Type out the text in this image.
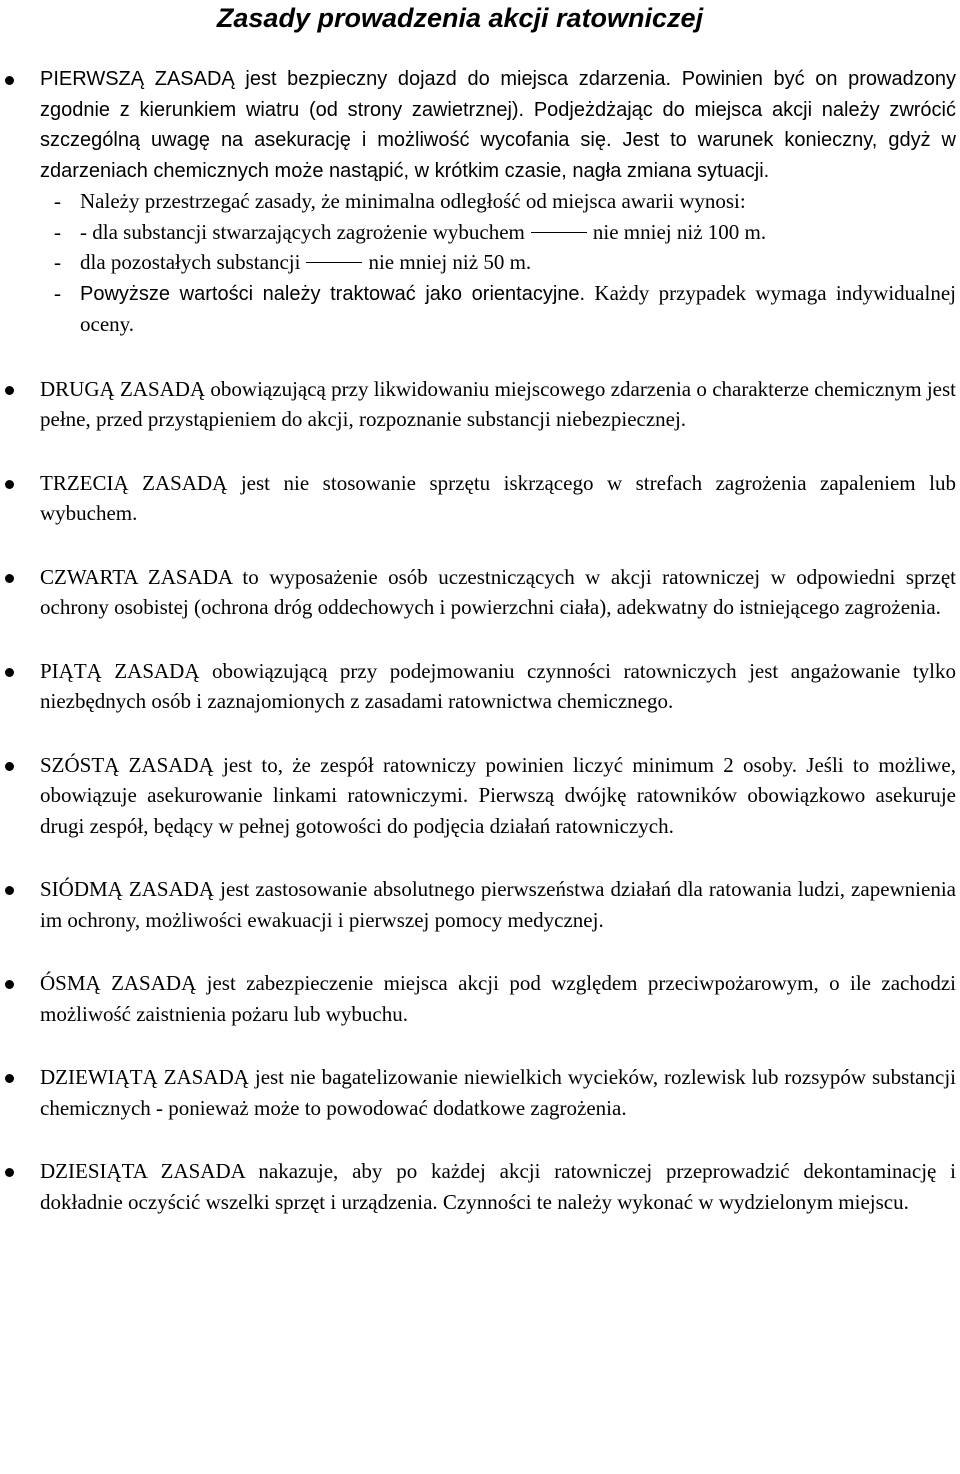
Zasady prowadzenia akcji ratowniczej
PIERWSZĄ ZASADĄ jest bezpieczny dojazd do miejsca zdarzenia. Powinien być on prowadzony zgodnie z kierunkiem wiatru (od strony zawietrznej). Podjeżdżając do miejsca akcji należy zwrócić szczególną uwagę na asekurację i możliwość wycofania się. Jest to warunek konieczny, gdyż w zdarzeniach chemicznych może nastąpić, w krótkim czasie, nagła zmiana sytuacji.
- Należy przestrzegać zasady, że minimalna odległość od miejsca awarii wynosi:
- - dla substancji stwarzających zagrożenie wybuchem	nie mniej niż 100 m.
- dla pozostałych substancji	nie mniej niż 50 m.
- Powyższe wartości należy traktować jako orientacyjne. Każdy przypadek wymaga indywidualnej oceny.
DRUGĄ ZASADĄ obowiązującą przy likwidowaniu miejscowego zdarzenia o charakterze chemicznym jest pełne, przed przystąpieniem do akcji, rozpoznanie substancji niebezpiecznej.
TRZECIĄ ZASADĄ jest nie stosowanie sprzętu iskrzącego w strefach zagrożenia zapaleniem lub wybuchem.
CZWARTA ZASADA to wyposażenie osób uczestniczących w akcji ratowniczej w odpowiedni sprzęt ochrony osobistej (ochrona dróg oddechowych i powierzchni ciała), adekwatny do istniejącego zagrożenia.
PIĄTĄ ZASADĄ obowiązującą przy podejmowaniu czynności ratowniczych jest angażowanie tylko niezbędnych osób i zaznajomionych z zasadami ratownictwa chemicznego.
SZÓSTĄ ZASADĄ jest to, że zespół ratowniczy powinien liczyć minimum 2 osoby. Jeśli to możliwe, obowiązuje asekurowanie linkami ratowniczymi. Pierwszą dwójkę ratowników obowiązkowo asekuruje drugi zespół, będący w pełnej gotowości do podjęcia działań ratowniczych.
SIÓDMĄ ZASADĄ jest zastosowanie absolutnego pierwszeństwa działań dla ratowania ludzi, zapewnienia im ochrony, możliwości ewakuacji i pierwszej pomocy medycznej.
ÓSMĄ ZASADĄ jest zabezpieczenie miejsca akcji pod względem przeciwpożarowym, o ile zachodzi możliwość zaistnienia pożaru lub wybuchu.
DZIEWIĄTĄ ZASADĄ jest nie bagatelizowanie niewielkich wycieków, rozlewisk lub rozsypów substancji chemicznych - ponieważ może to powodować dodatkowe zagrożenia.
DZIESIĄTA ZASADA nakazuje, aby po każdej akcji ratowniczej przeprowadzić dekontaminację i dokładnie oczyścić wszelki sprzęt i urządzenia. Czynności te należy wykonać w wydzielonym miejscu.
